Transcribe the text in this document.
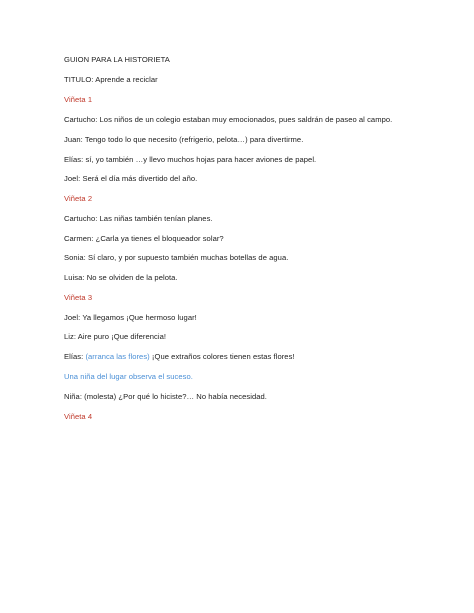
GUION PARA LA HISTORIETA
TITULO: Aprende a reciclar
Viñeta 1
Cartucho: Los niños de un colegio estaban muy emocionados, pues saldrán de paseo al campo.
Juan: Tengo todo lo que necesito (refrigerio, pelota…) para divertirme.
Elías: sí, yo también …y llevo muchos hojas para hacer aviones de papel.
Joel: Será el día más divertido del año.
Viñeta 2
Cartucho: Las niñas también tenían planes.
Carmen: ¿Carla ya tienes el bloqueador solar?
Sonia: Sí claro, y por supuesto también muchas botellas de agua.
Luisa: No se olviden de la pelota.
Viñeta 3
Joel: Ya llegamos ¡Que hermoso lugar!
Liz: Aire puro ¡Que diferencia!
Elías: (arranca las flores) ¡Que extraños colores tienen estas flores!
Una niña del lugar observa el suceso.
Niña: (molesta) ¿Por qué lo hiciste?… No había necesidad.
Viñeta 4
